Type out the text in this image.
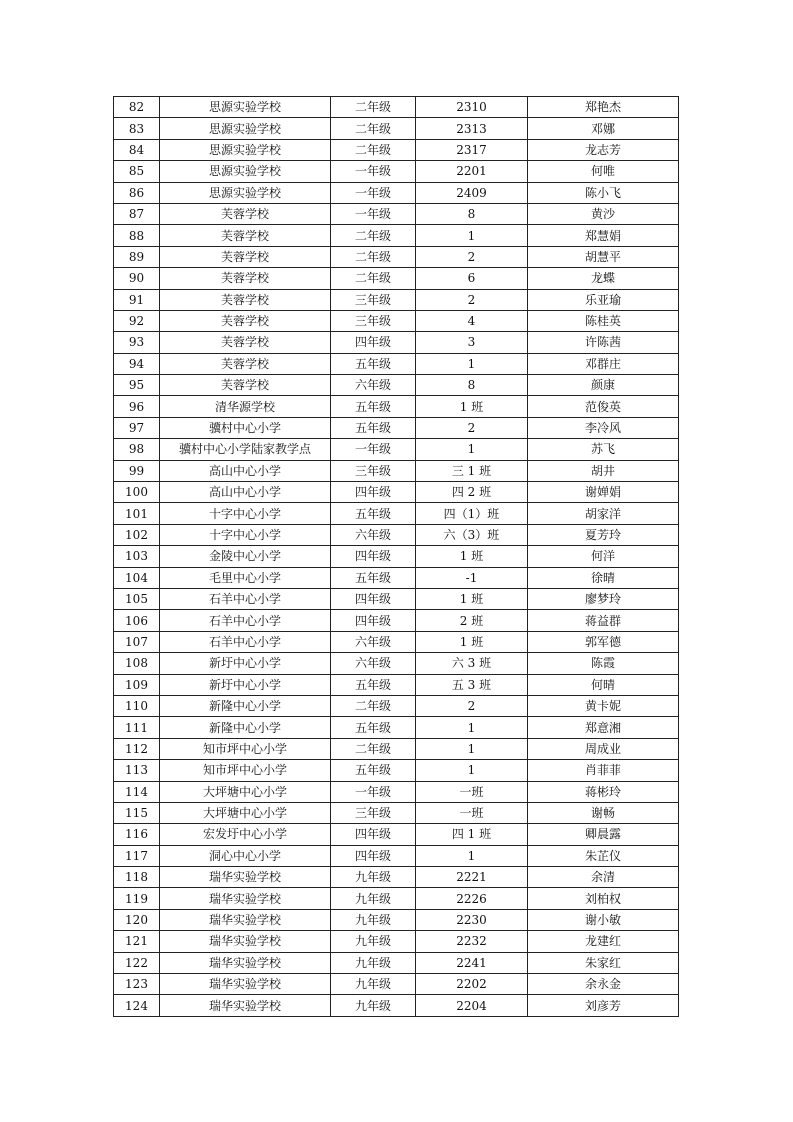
82	思源实验学校	二年级	2310	郑艳杰
83	思源实验学校	二年级	2313	邓娜
84	思源实验学校	二年级	2317	龙志芳
85	思源实验学校	一年级	2201	何唯
86	思源实验学校	一年级	2409	陈小飞
87	芙蓉学校	一年级	8	黄沙
88	芙蓉学校	二年级	1	郑慧娟
89	芙蓉学校	二年级	2	胡慧平
90	芙蓉学校	二年级	6	龙蝶
91	芙蓉学校	三年级	2	乐亚瑜
92	芙蓉学校	三年级	4	陈桂英
93	芙蓉学校	四年级	3	许陈茜
94	芙蓉学校	五年级	1	邓群庄
95	芙蓉学校	六年级	8	颜康
96	清华源学校	五年级	1 班	范俊英
97	骥村中心小学	五年级	2	李冷风
98	骥村中心小学陆家教学点	一年级	1	苏飞
99	高山中心小学	三年级	三 1 班	胡井
100	高山中心小学	四年级	四 2 班	谢婵娟
101	十字中心小学	五年级	四（1）班	胡家洋
102	十字中心小学	六年级	六（3）班	夏芳玲
103	金陵中心小学	四年级	1 班	何洋
104	毛里中心小学	五年级	-1	徐晴
105	石羊中心小学	四年级	1 班	廖梦玲
106	石羊中心小学	四年级	2 班	蒋益群
107	石羊中心小学	六年级	1 班	郭军德
108	新圩中心小学	六年级	六 3 班	陈霞
109	新圩中心小学	五年级	五 3 班	何晴
110	新隆中心小学	二年级	2	黄卡妮
111	新隆中心小学	五年级	1	郑意湘
112	知市坪中心小学	二年级	1	周成业
113	知市坪中心小学	五年级	1	肖菲菲
114	大坪塘中心小学	一年级	一班	蒋彬玲
115	大坪塘中心小学	三年级	一班	谢畅
116	宏发圩中心小学	四年级	四 1 班	卿晨露
117	洞心中心小学	四年级	1	朱芷仪
118	瑞华实验学校	九年级	2221	余清
119	瑞华实验学校	九年级	2226	刘柏权
120	瑞华实验学校	九年级	2230	谢小敏
121	瑞华实验学校	九年级	2232	龙建红
122	瑞华实验学校	九年级	2241	朱家红
123	瑞华实验学校	九年级	2202	余永金
124	瑞华实验学校	九年级	2204	刘彦芳
